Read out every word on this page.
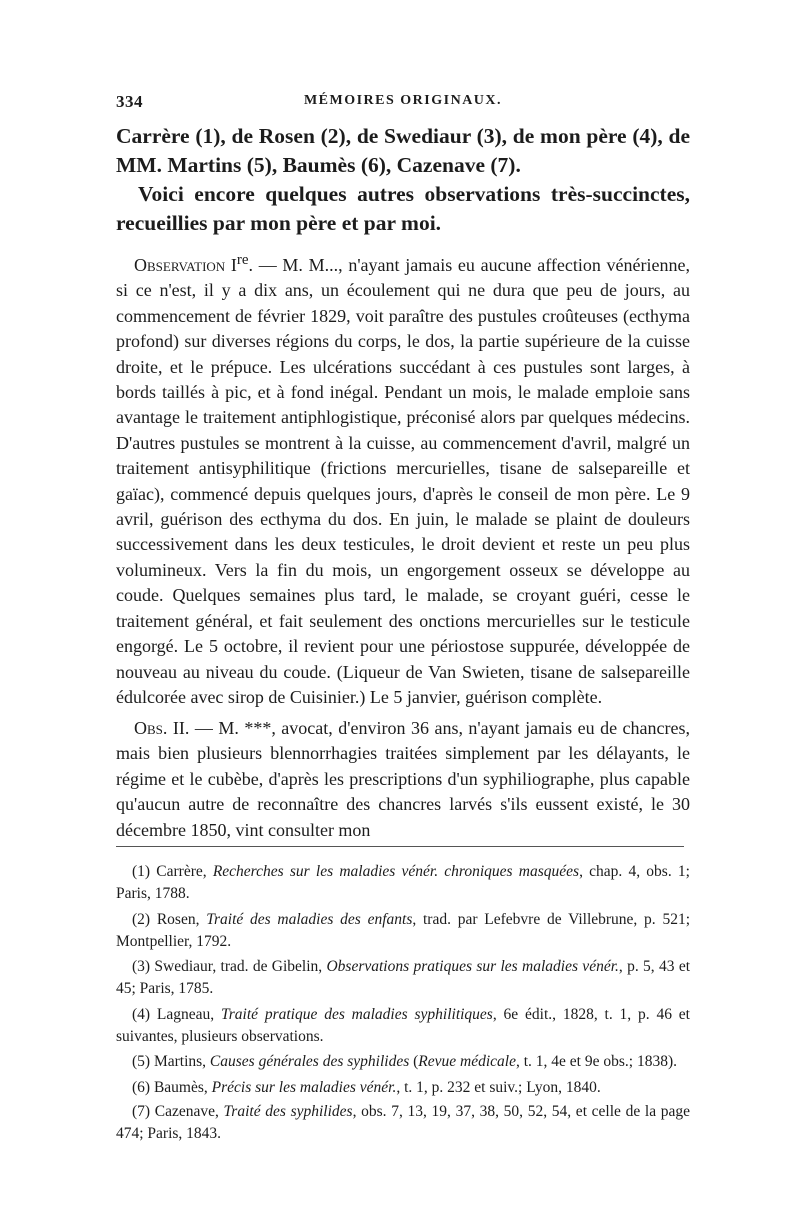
334	MÉMOIRES ORIGINAUX.

Carrère (1), de Rosen (2), de Swediaur (3), de mon père (4), de MM. Martins (5), Baumès (6), Cazenave (7).

Voici encore quelques autres observations très-succinctes, recueillies par mon père et par moi.

Observation Ire. — M. M..., n'ayant jamais eu aucune affection vénérienne, si ce n'est, il y a dix ans, un écoulement qui ne dura que peu de jours, au commencement de février 1829, voit paraître des pustules croûteuses (ecthyma profond) sur diverses régions du corps, le dos, la partie supérieure de la cuisse droite, et le prépuce. Les ulcérations succédant à ces pustules sont larges, à bords taillés à pic, et à fond inégal. Pendant un mois, le malade emploie sans avantage le traitement antiphlogistique, préconisé alors par quelques médecins. D'autres pustules se montrent à la cuisse, au commencement d'avril, malgré un traitement antisyphilitique (frictions mercurielles, tisane de salsepareille et gaïac), commencé depuis quelques jours, d'après le conseil de mon père. Le 9 avril, guérison des ecthyma du dos. En juin, le malade se plaint de douleurs successivement dans les deux testicules, le droit devient et reste un peu plus volumineux. Vers la fin du mois, un engorgement osseux se développe au coude. Quelques semaines plus tard, le malade, se croyant guéri, cesse le traitement général, et fait seulement des onctions mercurielles sur le testicule engorgé. Le 5 octobre, il revient pour une périostose suppurée, développée de nouveau au niveau du coude. (Liqueur de Van Swieten, tisane de salsepareille édulcorée avec sirop de Cuisinier.) Le 5 janvier, guérison complète.

Obs. II. — M. ***, avocat, d'environ 36 ans, n'ayant jamais eu de chancres, mais bien plusieurs blennorrhagies traitées simplement par les délayants, le régime et le cubèbe, d'après les prescriptions d'un syphiliographe, plus capable qu'aucun autre de reconnaître des chancres larvés s'ils eussent existé, le 30 décembre 1850, vint consulter mon

(1) Carrère, Recherches sur les maladies vénér. chroniques masquées, chap. 4, obs. 1; Paris, 1788.

(2) Rosen, Traité des maladies des enfants, trad. par Lefebvre de Villebrune, p. 521; Montpellier, 1792.

(3) Swediaur, trad. de Gibelin, Observations pratiques sur les maladies vénér., p. 5, 43 et 45; Paris, 1785.

(4) Lagneau, Traité pratique des maladies syphilitiques, 6e édit., 1828, t. 1, p. 46 et suivantes, plusieurs observations.

(5) Martins, Causes générales des syphilides (Revue médicale, t. 1, 4e et 9e obs.; 1838).

(6) Baumès, Précis sur les maladies vénér., t. 1, p. 232 et suiv.; Lyon, 1840.

(7) Cazenave, Traité des syphilides, obs. 7, 13, 19, 37, 38, 50, 52, 54, et celle de la page 474; Paris, 1843.
